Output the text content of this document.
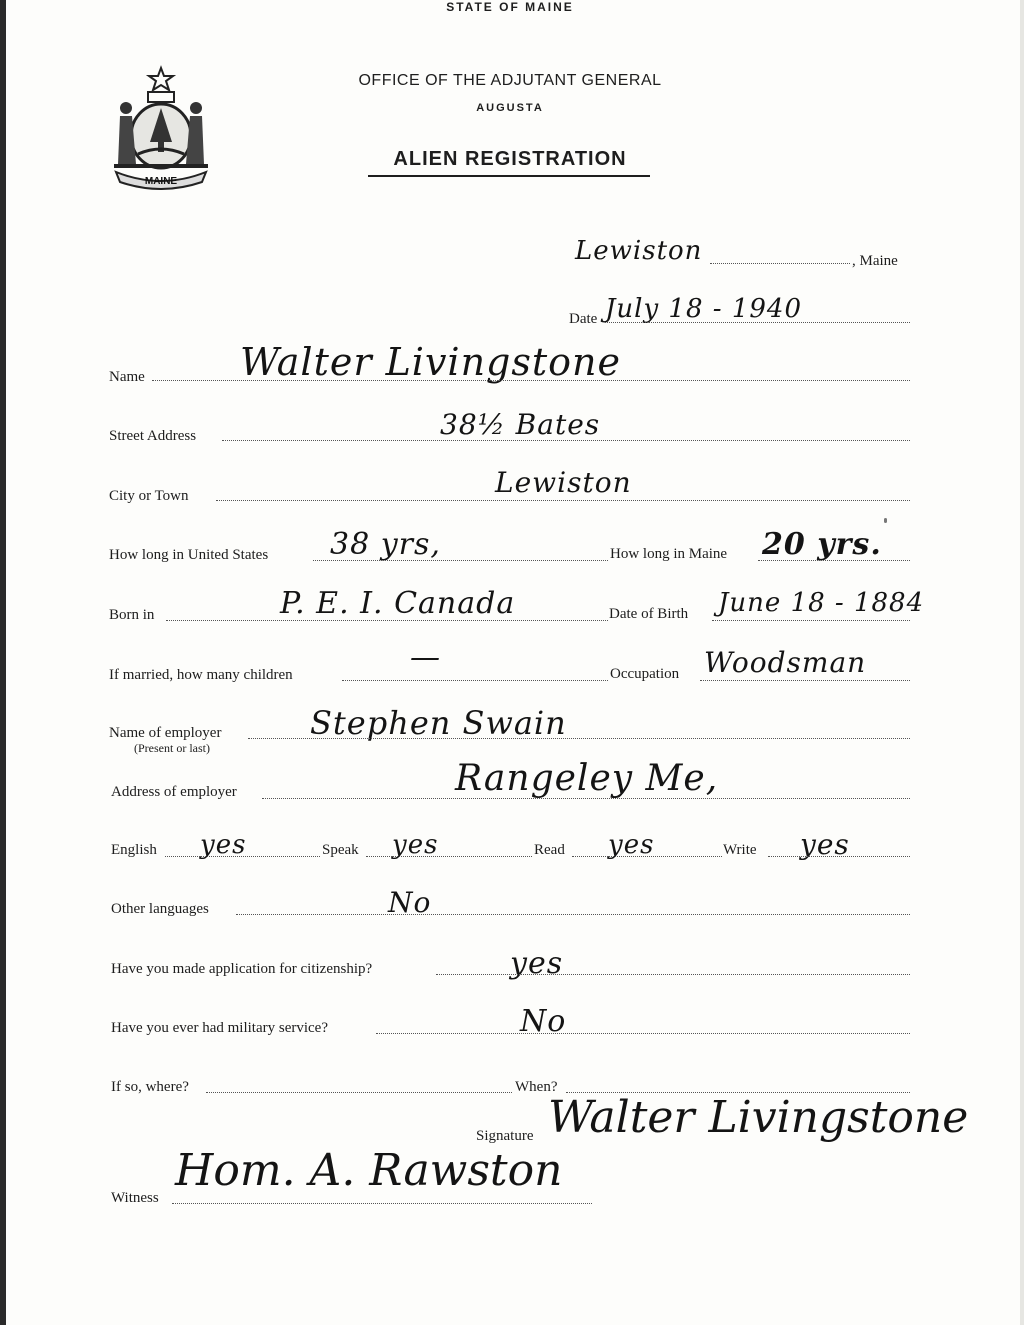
MAINE
STATE OF MAINE
OFFICE OF THE ADJUTANT GENERAL
AUGUSTA
ALIEN REGISTRATION
Lewiston	, Maine
Date July 18 - 1940
Name	Walter Livingstone
Street Address	38½ Bates
City or Town	Lewiston
How long in United States 38 yrs,	How long in Maine 20 yrs.
Born in	P. E. I. Canada	Date of Birth June 18 - 1884
If married, how many children	—	Occupation Woodsman
Name of employer
(Present or last)
Stephen Swain
Address of employer	Rangeley Me,
English yes	Speak yes	Read yes	Write yes
Other languages	No
Have you made application for citizenship?	yes
Have you ever had military service?	No
If so, where?	When?
Signature Walter Livingstone
Witness
Hom. A. Rawston
